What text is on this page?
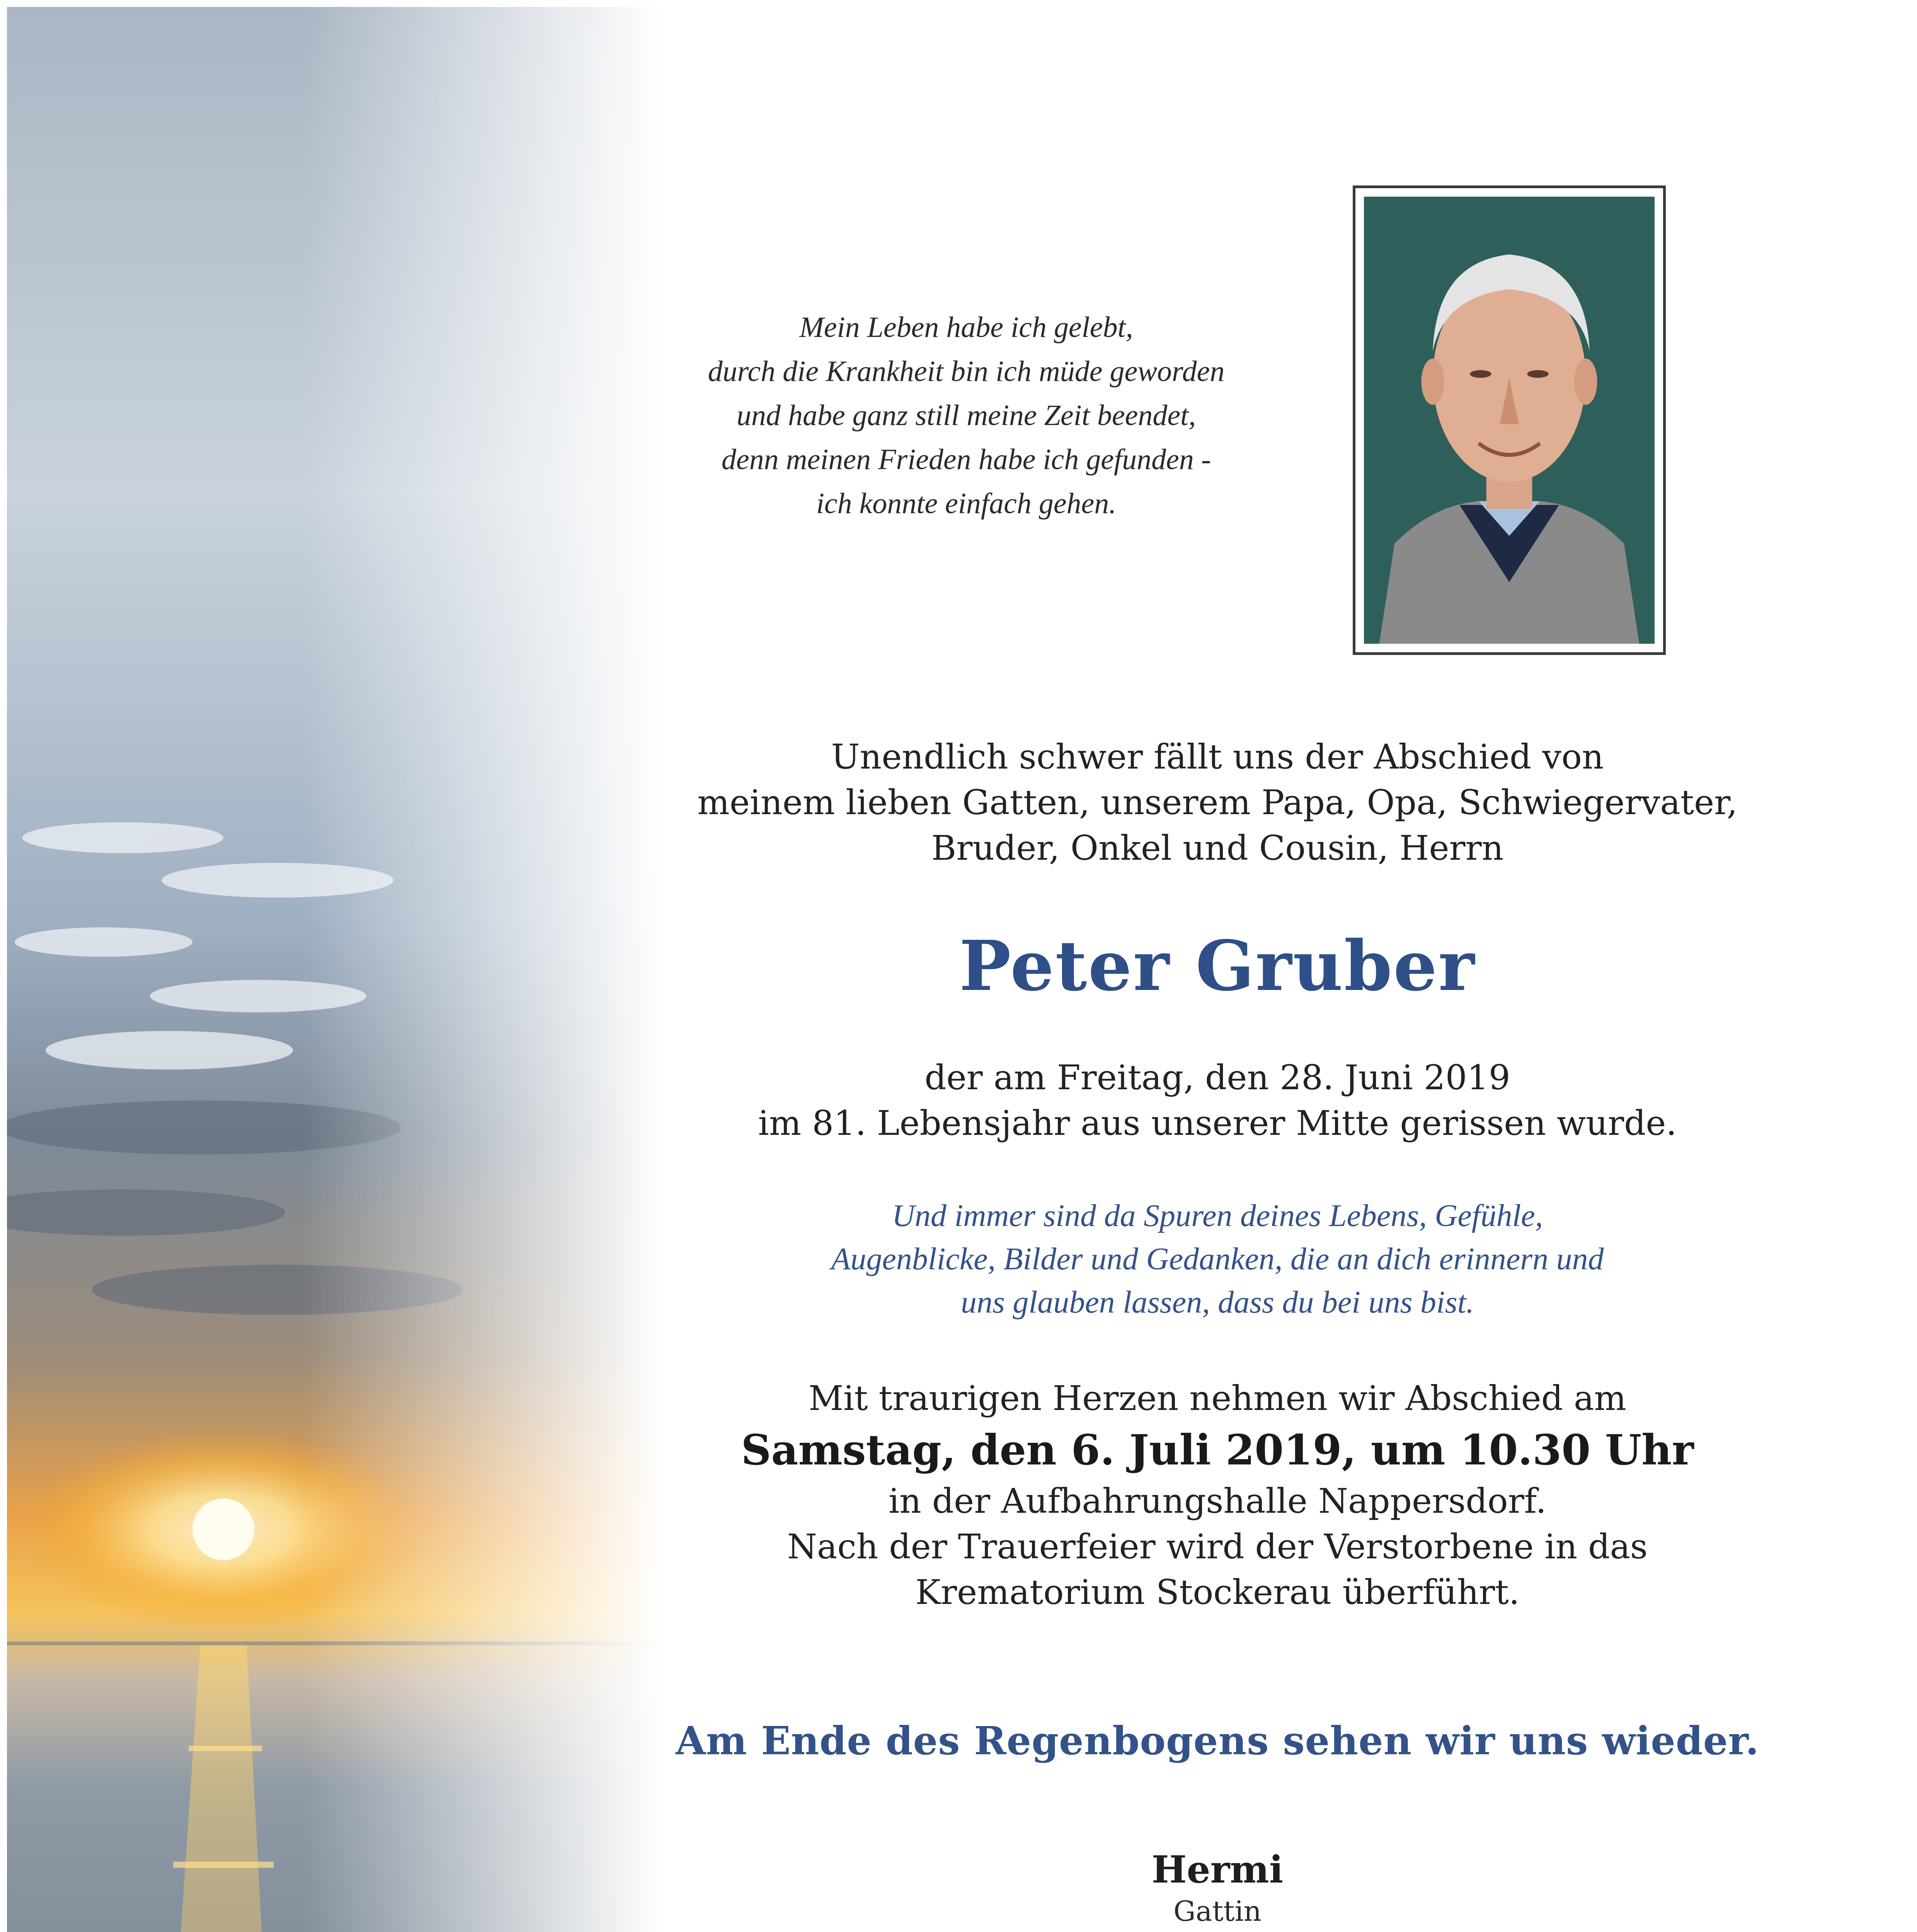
Mein Leben habe ich gelebt,
durch die Krankheit bin ich müde geworden
und habe ganz still meine Zeit beendet,
denn meinen Frieden habe ich gefunden -
ich konnte einfach gehen.
Unendlich schwer fällt uns der Abschied von
meinem lieben Gatten, unserem Papa, Opa, Schwiegervater,
Bruder, Onkel und Cousin, Herrn
Peter Gruber
der am Freitag, den 28. Juni 2019
im 81. Lebensjahr aus unserer Mitte gerissen wurde.
Und immer sind da Spuren deines Lebens, Gefühle,
Augenblicke, Bilder und Gedanken, die an dich erinnern und
uns glauben lassen, dass du bei uns bist.
Mit traurigen Herzen nehmen wir Abschied am
Samstag, den 6. Juli 2019, um 10.30 Uhr
in der Aufbahrungshalle Nappersdorf.
Nach der Trauerfeier wird der Verstorbene in das
Krematorium Stockerau überführt.
Am Ende des Regenbogens sehen wir uns wieder.
Hermi
Gattin
